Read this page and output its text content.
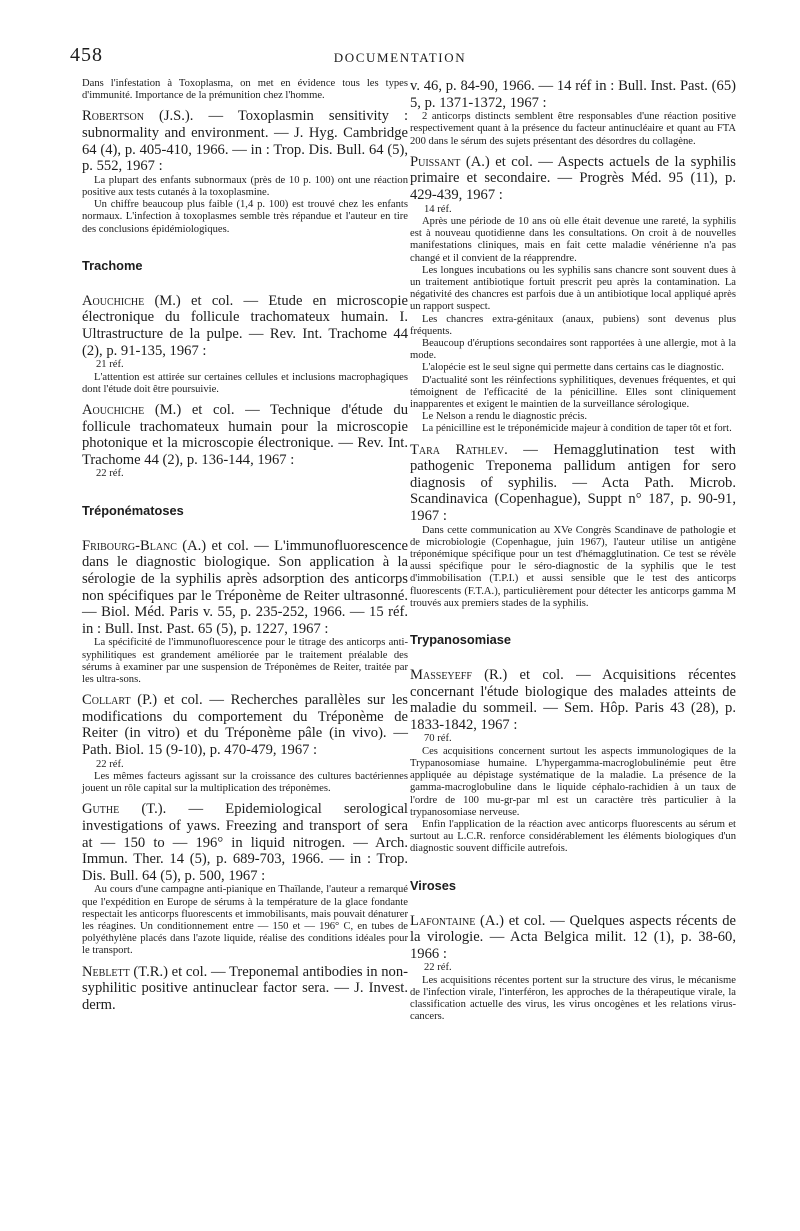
458	DOCUMENTATION

Dans l'infestation à Toxoplasma, on met en évidence tous les types d'immunité. Importance de la prémunition chez l'homme.

Robertson (J.S.). — Toxoplasmin sensitivity : subnormality and environment. — J. Hyg. Cambridge 64 (4), p. 405-410, 1966. — in : Trop. Dis. Bull. 64 (5), p. 552, 1967 :

La plupart des enfants subnormaux (près de 10 p. 100) ont une réaction positive aux tests cutanés à la toxoplasmine.

Un chiffre beaucoup plus faible (1,4 p. 100) est trouvé chez les enfants normaux. L'infection à toxoplasmes semble très répandue et l'auteur en tire des conclusions épidémiologiques.

Trachome

Aouchiche (M.) et col. — Etude en microscopie électronique du follicule trachomateux humain. I. Ultrastructure de la pulpe. — Rev. Int. Trachome 44 (2), p. 91-135, 1967 :

21 réf.

L'attention est attirée sur certaines cellules et inclusions macrophagiques dont l'étude doit être poursuivie.

Aouchiche (M.) et col. — Technique d'étude du follicule trachomateux humain pour la microscopie photonique et la microscopie électronique. — Rev. Int. Trachome 44 (2), p. 136-144, 1967 :

22 réf.

Tréponématoses

Fribourg-Blanc (A.) et col. — L'immunofluorescence dans le diagnostic biologique. Son application à la sérologie de la syphilis après adsorption des anticorps non spécifiques par le Tréponème de Reiter ultrasonné. — Biol. Méd. Paris v. 55, p. 235-252, 1966. — 15 réf. in : Bull. Inst. Past. 65 (5), p. 1227, 1967 :

La spécificité de l'immunofluorescence pour le titrage des anticorps anti-syphilitiques est grandement améliorée par le traitement préalable des sérums à examiner par une suspension de Tréponèmes de Reiter, traitée par les ultra-sons.

Collart (P.) et col. — Recherches parallèles sur les modifications du comportement du Tréponème de Reiter (in vitro) et du Tréponème pâle (in vivo). — Path. Biol. 15 (9-10), p. 470-479, 1967 :

22 réf.

Les mêmes facteurs agissant sur la croissance des cultures bactériennes jouent un rôle capital sur la multiplication des tréponèmes.

Guthe (T.). — Epidemiological serological investigations of yaws. Freezing and transport of sera at — 150 to — 196° in liquid nitrogen. — Arch. Immun. Ther. 14 (5), p. 689-703, 1966. — in : Trop. Dis. Bull. 64 (5), p. 500, 1967 :

Au cours d'une campagne anti-pianique en Thaïlande, l'auteur a remarqué que l'expédition en Europe de sérums à la température de la glace fondante respectait les anticorps fluorescents et immobilisants, mais pouvait dénaturer les réagines. Un conditionnement entre — 150 et — 196° C, en tubes de polyéthylène placés dans l'azote liquide, réalise des conditions idéales pour le transport.

Neblett (T.R.) et col. — Treponemal antibodies in non-syphilitic positive antinuclear factor sera. — J. Invest. derm.

v. 46, p. 84-90, 1966. — 14 réf in : Bull. Inst. Past. (65) 5, p. 1371-1372, 1967 :

2 anticorps distincts semblent être responsables d'une réaction positive respectivement quant à la présence du facteur antinucléaire et quant au FTA 200 dans le sérum des sujets présentant des désordres du collagène.

Puissant (A.) et col. — Aspects actuels de la syphilis primaire et secondaire. — Progrès Méd. 95 (11), p. 429-439, 1967 :

14 réf.

Après une période de 10 ans où elle était devenue une rareté, la syphilis est à nouveau quotidienne dans les consultations. On croit à de nouvelles manifestations cliniques, mais en fait cette maladie vénérienne n'a pas changé et il convient de la réapprendre.

Les longues incubations ou les syphilis sans chancre sont souvent dues à un traitement antibiotique fortuit prescrit peu après la contamination. La négativité des chancres est parfois due à un antibiotique local appliqué après un rapport suspect.

Les chancres extra-génitaux (anaux, pubiens) sont devenus plus fréquents.

Beaucoup d'éruptions secondaires sont rapportées à une allergie, mot à la mode.

L'alopécie est le seul signe qui permette dans certains cas le diagnostic.

D'actualité sont les réinfections syphilitiques, devenues fréquentes, et qui témoignent de l'efficacité de la pénicilline. Elles sont cliniquement inapparentes et exigent le maintien de la surveillance sérologique.

Le Nelson a rendu le diagnostic précis.

La pénicilline est le tréponémicide majeur à condition de taper tôt et fort.

Tara Rathlev. — Hemagglutination test with pathogenic Treponema pallidum antigen for sero diagnosis of syphilis. — Acta Path. Microb. Scandinavica (Copenhague), Suppt n° 187, p. 90-91, 1967 :

Dans cette communication au XVe Congrès Scandinave de pathologie et de microbiologie (Copenhague, juin 1967), l'auteur utilise un antigène tréponémique spécifique pour un test d'hémagglutination. Ce test se révèle aussi spécifique pour le séro-diagnostic de la syphilis que le test d'immobilisation (T.P.I.) et aussi sensible que le test des anticorps fluorescents (F.T.A.), particulièrement pour détecter les anticorps gamma M trouvés aux premiers stades de la syphilis.

Trypanosomiase

Masseyeff (R.) et col. — Acquisitions récentes concernant l'étude biologique des malades atteints de maladie du sommeil. — Sem. Hôp. Paris 43 (28), p. 1833-1842, 1967 :

70 réf.

Ces acquisitions concernent surtout les aspects immunologiques de la Trypanosomiase humaine. L'hypergamma-macroglobulinémie peut être appliquée au dépistage systématique de la maladie. La présence de la gamma-macroglobuline dans le liquide céphalo-rachidien à un taux de l'ordre de 100 mu-gr-par ml est un caractère très particulier à la trypanosomiase nerveuse.

Enfin l'application de la réaction avec anticorps fluorescents au sérum et surtout au L.C.R. renforce considérablement les éléments biologiques d'un diagnostic souvent difficile autrefois.

Viroses

Lafontaine (A.) et col. — Quelques aspects récents de la virologie. — Acta Belgica milit. 12 (1), p. 38-60, 1966 :

22 réf.

Les acquisitions récentes portent sur la structure des virus, le mécanisme de l'infection virale, l'interféron, les approches de la thérapeutique virale, la classification actuelle des virus, les virus oncogènes et les relations virus-cancers.
